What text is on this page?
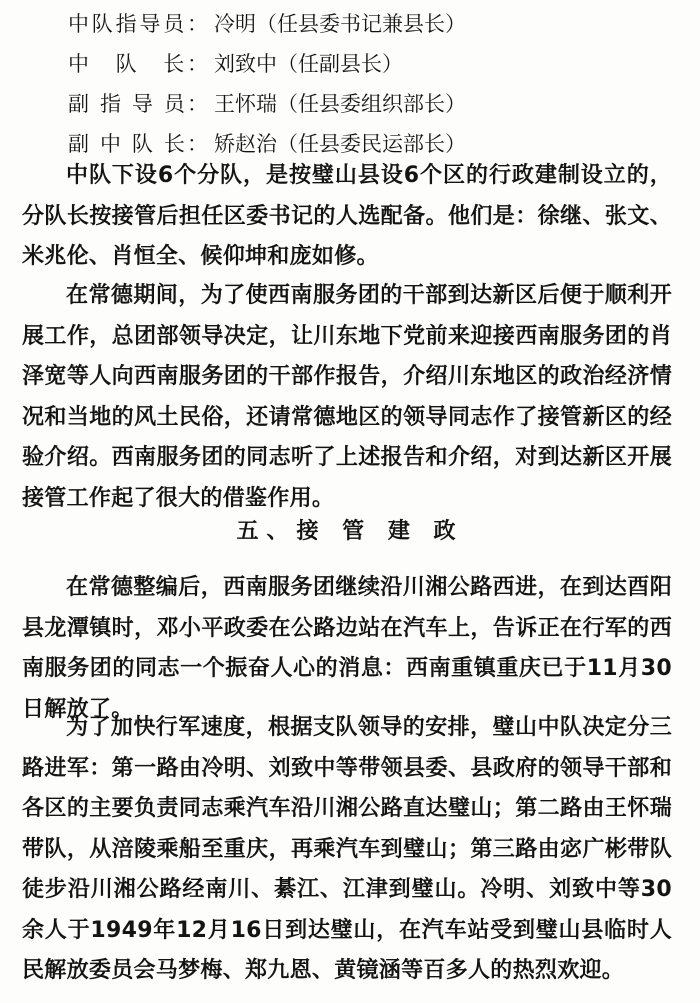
中队指导员： 冷明（任县委书记兼县长）
中　队　长： 刘致中（任副县长）
副 指 导 员： 王怀瑞（任县委组织部长）
副 中 队 长： 矫赵治（任县委民运部长）

中队下设6个分队，是按璧山县设6个区的行政建制设立的，分队长按接管后担任区委书记的人选配备。他们是：徐继、张文、米兆伦、肖恒全、候仰坤和庞如修。

在常德期间，为了使西南服务团的干部到达新区后便于顺利开展工作，总团部领导决定，让川东地下党前来迎接西南服务团的肖泽宽等人向西南服务团的干部作报告，介绍川东地区的政治经济情况和当地的风土民俗，还请常德地区的领导同志作了接管新区的经验介绍。西南服务团的同志听了上述报告和介绍，对到达新区开展接管工作起了很大的借鉴作用。

五、接 管 建 政

在常德整编后，西南服务团继续沿川湘公路西进，在到达酉阳县龙潭镇时，邓小平政委在公路边站在汽车上，告诉正在行军的西南服务团的同志一个振奋人心的消息：西南重镇重庆已于11月30日解放了。

为了加快行军速度，根据支队领导的安排，璧山中队决定分三路进军：第一路由冷明、刘致中等带领县委、县政府的领导干部和各区的主要负责同志乘汽车沿川湘公路直达璧山；第二路由王怀瑞带队，从涪陵乘船至重庆，再乘汽车到璧山；第三路由宓广彬带队徒步沿川湘公路经南川、綦江、江津到璧山。冷明、刘致中等30余人于1949年12月16日到达璧山，在汽车站受到璧山县临时人民解放委员会马梦梅、郑九恩、黄镜涵等百多人的热烈欢迎。
